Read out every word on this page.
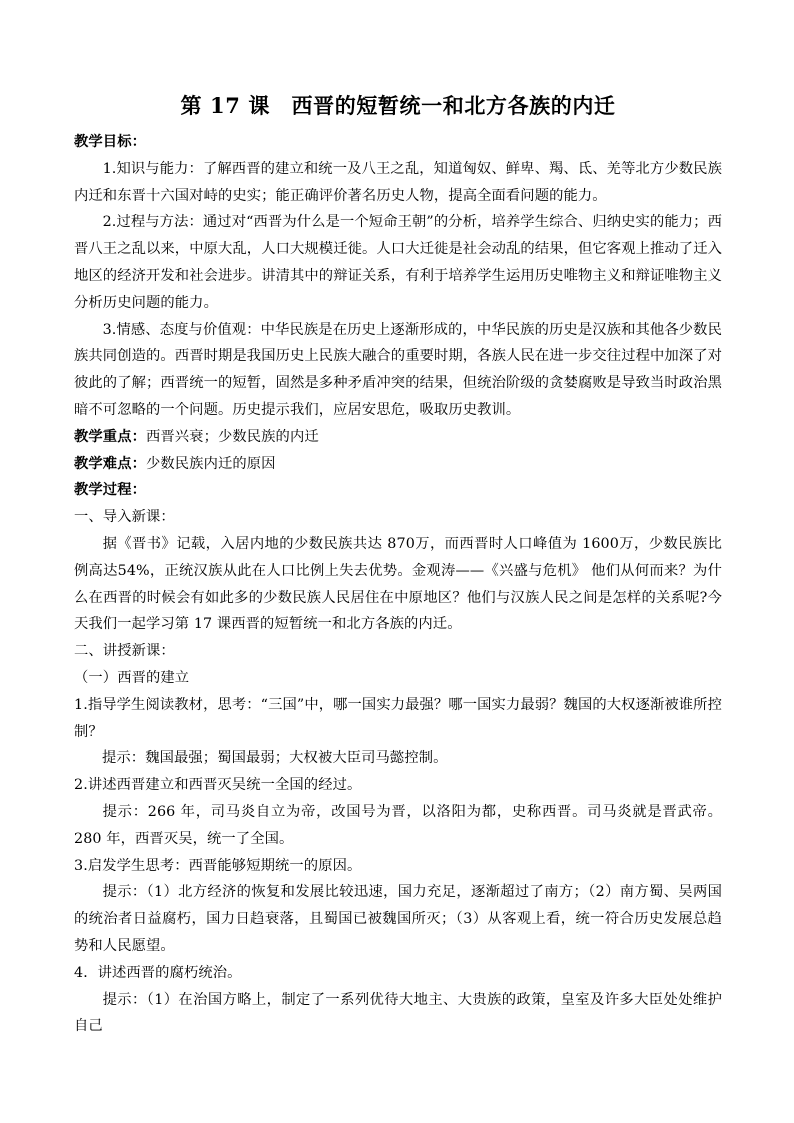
第 17 课　西晋的短暂统一和北方各族的内迁

教学目标：

1.知识与能力：了解西晋的建立和统一及八王之乱，知道匈奴、鲜卑、羯、氐、羌等北方少数民族内迁和东晋十六国对峙的史实；能正确评价著名历史人物，提高全面看问题的能力。

2.过程与方法：通过对“西晋为什么是一个短命王朝”的分析，培养学生综合、归纳史实的能力；西晋八王之乱以来，中原大乱，人口大规模迁徙。人口大迁徙是社会动乱的结果，但它客观上推动了迁入地区的经济开发和社会进步。讲清其中的辩证关系，有利于培养学生运用历史唯物主义和辩证唯物主义分析历史问题的能力。

3.情感、态度与价值观：中华民族是在历史上逐渐形成的，中华民族的历史是汉族和其他各少数民族共同创造的。西晋时期是我国历史上民族大融合的重要时期，各族人民在进一步交往过程中加深了对彼此的了解；西晋统一的短暂，固然是多种矛盾冲突的结果，但统治阶级的贪婪腐败是导致当时政治黑暗不可忽略的一个问题。历史提示我们，应居安思危，吸取历史教训。

教学重点：西晋兴衰；少数民族的内迁

教学难点：少数民族内迁的原因

教学过程：

一、导入新课：

据《晋书》记载，入居内地的少数民族共达 870万，而西晋时人口峰值为 1600万，少数民族比例高达54%，正统汉族从此在人口比例上失去优势。金观涛——《兴盛与危机》 他们从何而来？为什么在西晋的时候会有如此多的少数民族人民居住在中原地区？他们与汉族人民之间是怎样的关系呢?今天我们一起学习第 17 课西晋的短暂统一和北方各族的内迁。

二、讲授新课：

（一）西晋的建立

1.指导学生阅读教材，思考：“三国”中，哪一国实力最强？哪一国实力最弱？魏国的大权逐渐被谁所控制？

提示：魏国最强；蜀国最弱；大权被大臣司马懿控制。

2.讲述西晋建立和西晋灭吴统一全国的经过。

提示：266 年，司马炎自立为帝，改国号为晋，以洛阳为都，史称西晋。司马炎就是晋武帝。280 年，西晋灭吴，统一了全国。

3.启发学生思考：西晋能够短期统一的原因。

提示：（1）北方经济的恢复和发展比较迅速，国力充足，逐渐超过了南方；（2）南方蜀、吴两国的统治者日益腐朽，国力日趋衰落，且蜀国已被魏国所灭；（3）从客观上看，统一符合历史发展总趋势和人民愿望。

4．讲述西晋的腐朽统治。

提示：（1）在治国方略上，制定了一系列优待大地主、大贵族的政策，皇室及许多大臣处处维护自己
